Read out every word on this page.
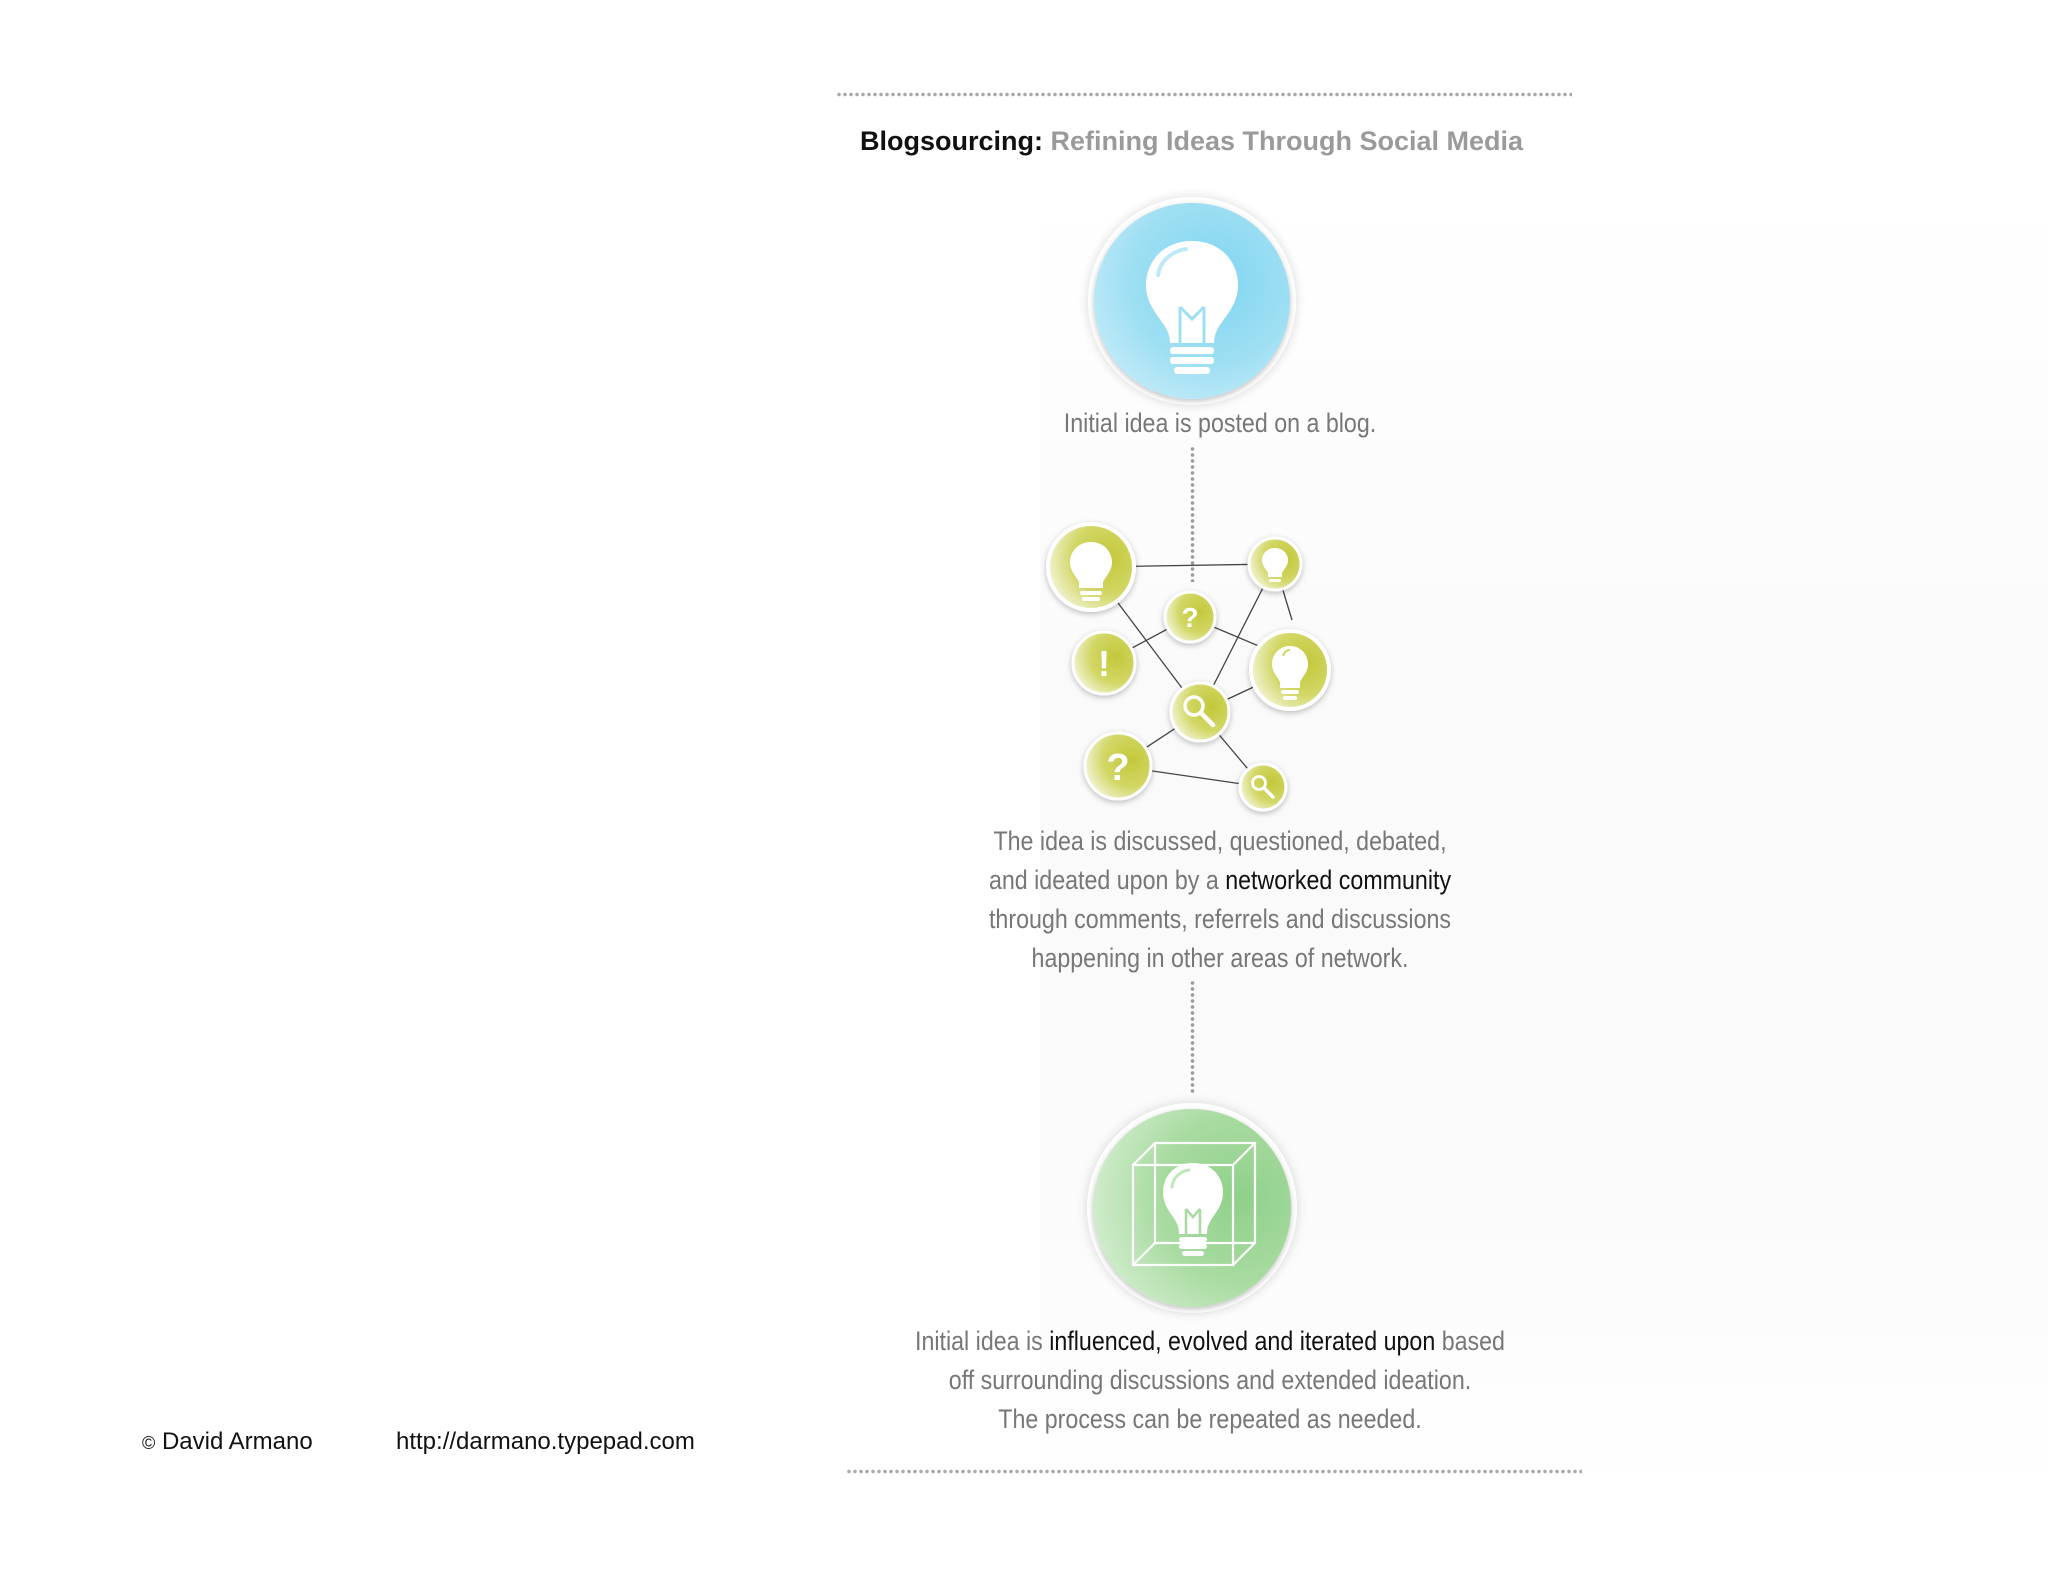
Blogsourcing: Refining Ideas Through Social Media
Initial idea is posted on a blog.
?
!
?
The idea is discussed, questioned, debated,
and ideated upon by a networked community
through comments, referrels and discussions
happening in other areas of network.
Initial idea is influenced, evolved and iterated upon based
off surrounding discussions and extended ideation.
The process can be repeated as needed.
© David Armano	http://darmano.typepad.com
